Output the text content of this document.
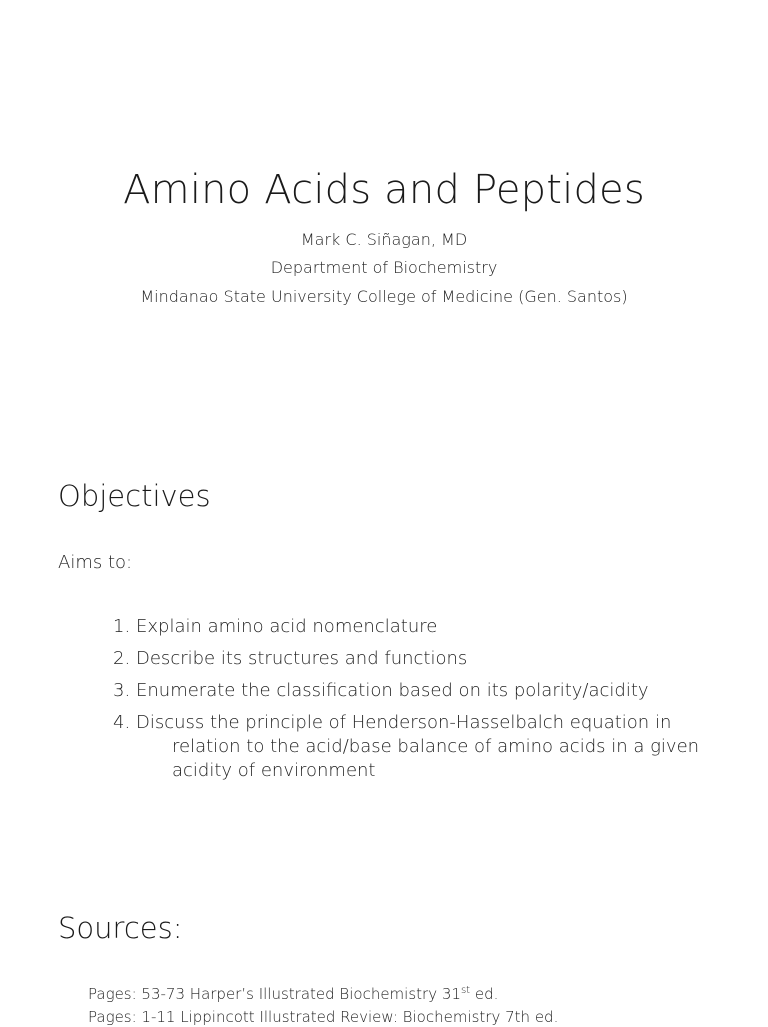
Amino Acids and Peptides
Mark C. Siñagan, MD
Department of Biochemistry
Mindanao State University College of Medicine (Gen. Santos)
Objectives
Aims to:
1. Explain amino acid nomenclature
2. Describe its structures and functions
3. Enumerate the classification based on its polarity/acidity
4. Discuss the principle of Henderson-Hasselbalch equation in
relation to the acid/base balance of amino acids in a given acidity of environment
Sources:
Pages: 53-73 Harper’s Illustrated Biochemistry 31st ed.
Pages: 1-11 Lippincott Illustrated Review: Biochemistry 7th ed.
